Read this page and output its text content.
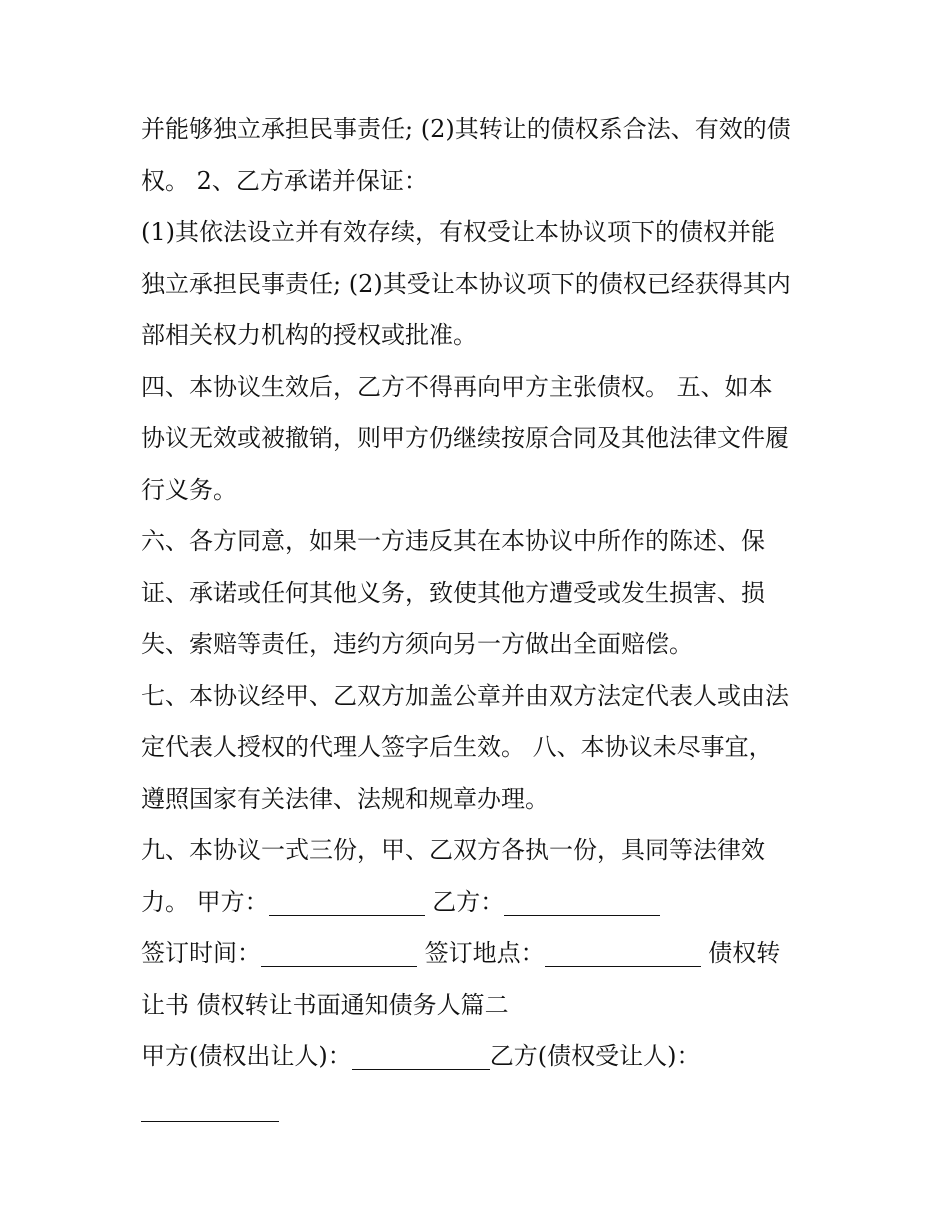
并能够独立承担民事责任; (2)其转让的债权系合法、有效的债
权。 2、乙方承诺并保证：
(1)其依法设立并有效存续，有权受让本协议项下的债权并能
独立承担民事责任; (2)其受让本协议项下的债权已经获得其内
部相关权力机构的授权或批准。
四、本协议生效后，乙方不得再向甲方主张债权。 五、如本
协议无效或被撤销，则甲方仍继续按原合同及其他法律文件履
行义务。
六、各方同意，如果一方违反其在本协议中所作的陈述、保
证、承诺或任何其他义务，致使其他方遭受或发生损害、损
失、索赔等责任，违约方须向另一方做出全面赔偿。
七、本协议经甲、乙双方加盖公章并由双方法定代表人或由法
定代表人授权的代理人签字后生效。 八、本协议未尽事宜，
遵照国家有关法律、法规和规章办理。
九、本协议一式三份，甲、乙双方各执一份，具同等法律效
力。 甲方：	乙方：
签订时间：	签订地点：	债权转
让书 债权转让书面通知债务人篇二
甲方(债权出让人)：	乙方(债权受让人)：
